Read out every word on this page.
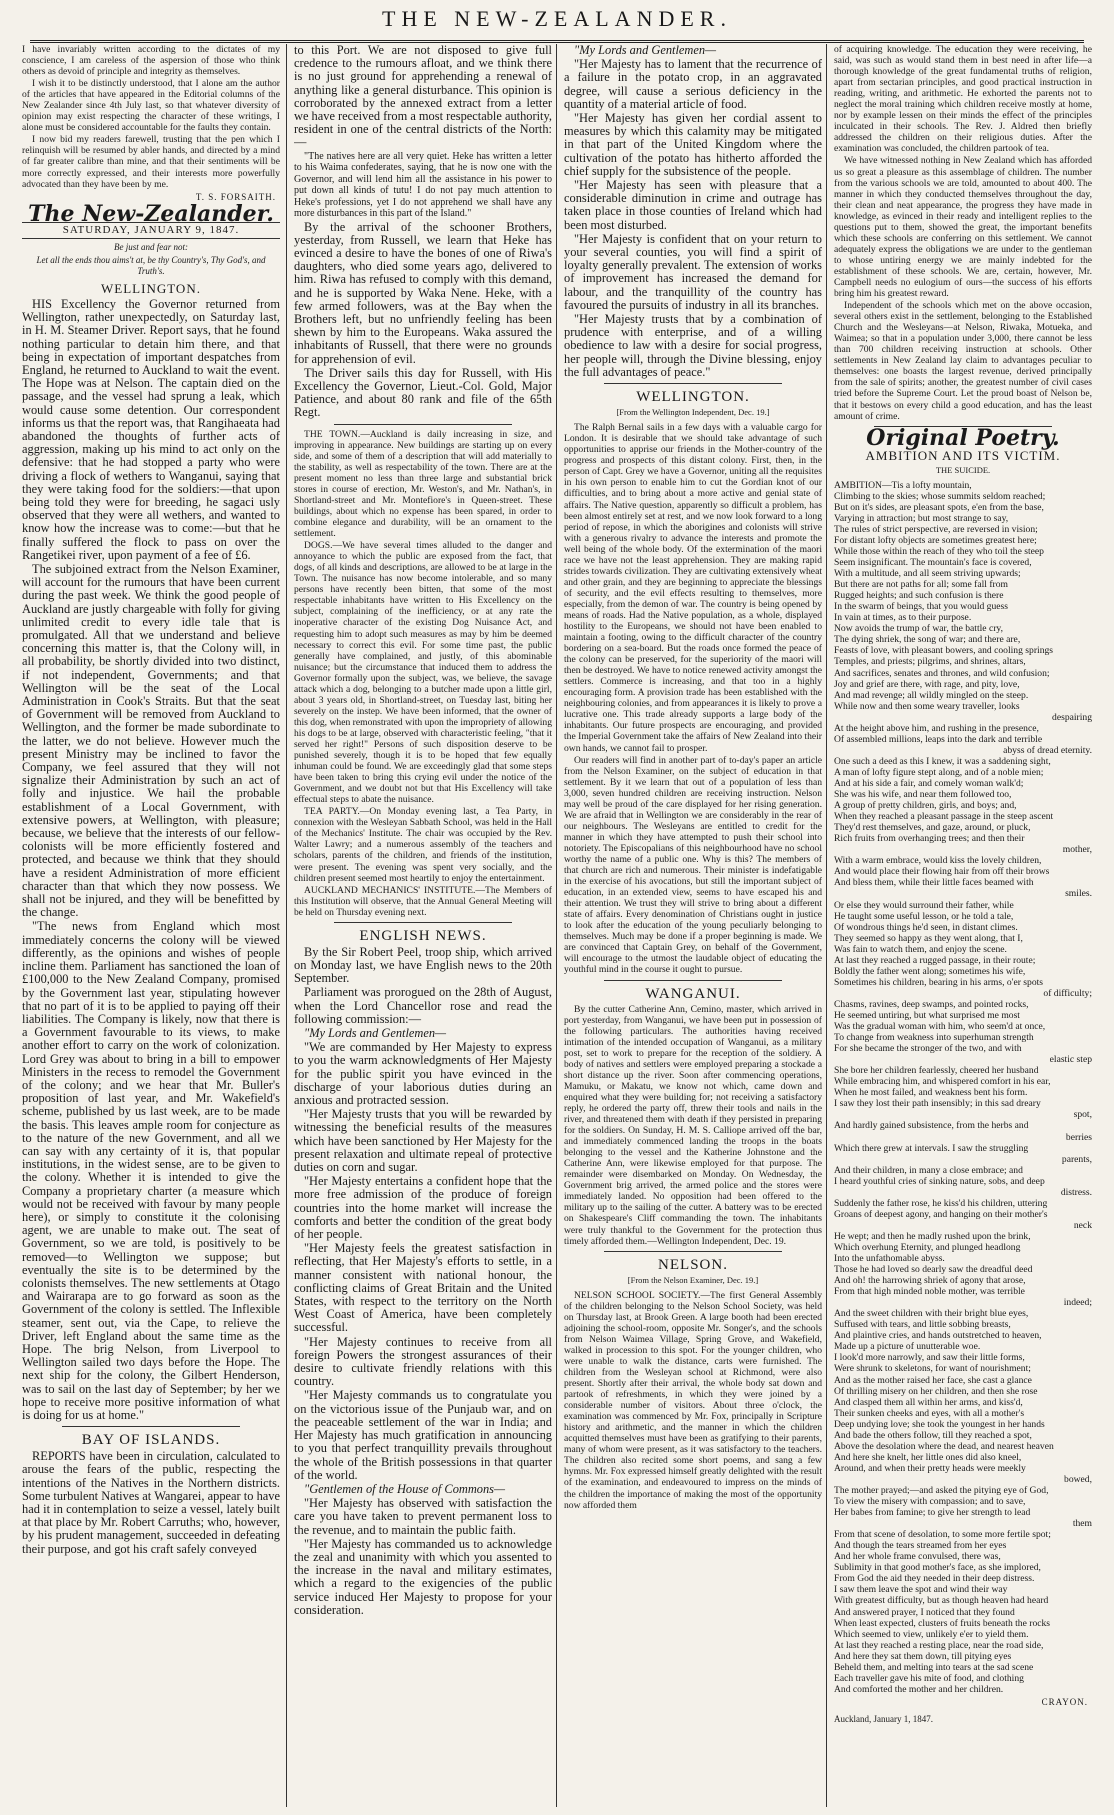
THE NEW-ZEALANDER.

I have invariably written according to the dictates of my conscience, I am careless of the aspersion of those who think others as devoid of principle and integrity as themselves.

I wish it to be distinctly understood, that I alone am the author of the articles that have appeared in the Editorial columns of the New Zealander since 4th July last, so that whatever diversity of opinion may exist respecting the character of these writings, I alone must be considered accountable for the faults they contain.

I now bid my readers farewell, trusting that the pen which I relinquish will be resumed by abler hands, and directed by a mind of far greater calibre than mine, and that their sentiments will be more correctly expressed, and their interests more powerfully advocated than they have been by me.

T. S. FORSAITH.
The New-Zealander.
SATURDAY, JANUARY 9, 1847.
Be just and fear not:
Let all the ends thou aims't at, be thy Country's, Thy God's, and Truth's.
WELLINGTON.

HIS Excellency the Governor returned from Wellington, rather unexpectedly, on Saturday last, in H. M. Steamer Driver. Report says, that he found nothing particular to detain him there, and that being in expectation of important despatches from England, he returned to Auckland to wait the event. The Hope was at Nelson. The captain died on the passage, and the vessel had sprung a leak, which would cause some detention. Our correspondent informs us that the report was, that Rangihaeata had abandoned the thoughts of further acts of aggression, making up his mind to act only on the defensive: that he had stopped a party who were driving a flock of wethers to Wanganui, saying that they were taking food for the soldiers:—that upon being told they were for breeding, he sagaci usly observed that they were all wethers, and wanted to know how the increase was to come:—but that he finally suffered the flock to pass on over the Rangetikei river, upon payment of a fee of £6.

The subjoined extract from the Nelson Examiner, will account for the rumours that have been current during the past week. We think the good people of Auckland are justly chargeable with folly for giving unlimited credit to every idle tale that is promulgated. All that we understand and believe concerning this matter is, that the Colony will, in all probability, be shortly divided into two distinct, if not independent, Governments; and that Wellington will be the seat of the Local Administration in Cook's Straits. But that the seat of Government will be removed from Auckland to Wellington, and the former be made subordinate to the latter, we do not believe. However much the present Ministry may be inclined to favor the Company, we feel assured that they will not signalize their Administration by such an act of folly and injustice. We hail the probable establishment of a Local Government, with extensive powers, at Wellington, with pleasure; because, we believe that the interests of our fellow-colonists will be more efficiently fostered and protected, and because we think that they should have a resident Administration of more efficient character than that which they now possess. We shall not be injured, and they will be benefitted by the change.

"The news from England which most immediately concerns the colony will be viewed differently, as the opinions and wishes of people incline them. Parliament has sanctioned the loan of £100,000 to the New Zealand Company, promised by the Government last year, stipulating however that no part of it is to be applied to paying off their liabilities. The Company is likely, now that there is a Government favourable to its views, to make another effort to carry on the work of colonization. Lord Grey was about to bring in a bill to empower Ministers in the recess to remodel the Government of the colony; and we hear that Mr. Buller's proposition of last year, and Mr. Wakefield's scheme, published by us last week, are to be made the basis. This leaves ample room for conjecture as to the nature of the new Government, and all we can say with any certainty of it is, that popular institutions, in the widest sense, are to be given to the colony. Whether it is intended to give the Company a proprietary charter (a measure which would not be received with favour by many people here), or simply to constitute it the colonising agent, we are unable to make out. The seat of Government, so we are told, is positively to be removed—to Wellington we suppose; but eventually the site is to be determined by the colonists themselves. The new settlements at Otago and Wairarapa are to go forward as soon as the Government of the colony is settled. The Inflexible steamer, sent out, via the Cape, to relieve the Driver, left England about the same time as the Hope. The brig Nelson, from Liverpool to Wellington sailed two days before the Hope. The next ship for the colony, the Gilbert Henderson, was to sail on the last day of September; by her we hope to receive more positive information of what is doing for us at home."

BAY OF ISLANDS.

REPORTS have been in circulation, calculated to arouse the fears of the public, respecting the intentions of the Natives in the Northern districts. Some turbulent Natives at Wangarei, appear to have had it in contemplation to seize a vessel, lately built at that place by Mr. Robert Carruths; who, however, by his prudent management, succeeded in defeating their purpose, and got his craft safely conveyed

to this Port. We are not disposed to give full credence to the rumours afloat, and we think there is no just ground for apprehending a renewal of anything like a general disturbance. This opinion is corroborated by the annexed extract from a letter we have received from a most respectable authority, resident in one of the central districts of the North:—

"The natives here are all very quiet. Heke has written a letter to his Waima confederates, saying, that he is now one with the Governor, and will lend him all the assistance in his power to put down all kinds of tutu! I do not pay much attention to Heke's professions, yet I do not apprehend we shall have any more disturbances in this part of the Island."

By the arrival of the schooner Brothers, yesterday, from Russell, we learn that Heke has evinced a desire to have the bones of one of Riwa's daughters, who died some years ago, delivered to him. Riwa has refused to comply with this demand, and he is supported by Waka Nene. Heke, with a few armed followers, was at the Bay when the Brothers left, but no unfriendly feeling has been shewn by him to the Europeans. Waka assured the inhabitants of Russell, that there were no grounds for apprehension of evil.

The Driver sails this day for Russell, with His Excellency the Governor, Lieut.-Col. Gold, Major Patience, and about 80 rank and file of the 65th Regt.

THE TOWN.—Auckland is daily increasing in size, and improving in appearance. New buildings are starting up on every side, and some of them of a description that will add materially to the stability, as well as respectability of the town. There are at the present moment no less than three large and substantial brick stores in course of erection, Mr. Weston's, and Mr. Nathan's, in Shortland-street and Mr. Montefiore's in Queen-street. These buildings, about which no expense has been spared, in order to combine elegance and durability, will be an ornament to the settlement.

DOGS.—We have several times alluded to the danger and annoyance to which the public are exposed from the fact, that dogs, of all kinds and descriptions, are allowed to be at large in the Town. The nuisance has now become intolerable, and so many persons have recently been bitten, that some of the most respectable inhabitants have written to His Excellency on the subject, complaining of the inefficiency, or at any rate the inoperative character of the existing Dog Nuisance Act, and requesting him to adopt such measures as may by him be deemed necessary to correct this evil. For some time past, the public generally have complained, and justly, of this abominable nuisance; but the circumstance that induced them to address the Governor formally upon the subject, was, we believe, the savage attack which a dog, belonging to a butcher made upon a little girl, about 3 years old, in Shortland-street, on Tuesday last, biting her severely on the instep. We have been informed, that the owner of this dog, when remonstrated with upon the impropriety of allowing his dogs to be at large, observed with characteristic feeling, "that it served her right!" Persons of such disposition deserve to be punished severely, though it is to be hoped that few equally inhuman could be found. We are exceedingly glad that some steps have been taken to bring this crying evil under the notice of the Government, and we doubt not but that His Excellency will take effectual steps to abate the nuisance.

TEA PARTY.—On Monday evening last, a Tea Party, in connexion with the Wesleyan Sabbath School, was held in the Hall of the Mechanics' Institute. The chair was occupied by the Rev. Walter Lawry; and a numerous assembly of the teachers and scholars, parents of the children, and friends of the institution, were present. The evening was spent very socially, and the children present seemed most heartily to enjoy the entertainment.

AUCKLAND MECHANICS' INSTITUTE.—The Members of this Institution will observe, that the Annual General Meeting will be held on Thursday evening next.

ENGLISH NEWS.

By the Sir Robert Peel, troop ship, which arrived on Monday last, we have English news to the 20th September.

Parliament was prorogued on the 28th of August, when the Lord Chancellor rose and read the following commission:—

"My Lords and Gentlemen—

"We are commanded by Her Majesty to express to you the warm acknowledgments of Her Majesty for the public spirit you have evinced in the discharge of your laborious duties during an anxious and protracted session.

"Her Majesty trusts that you will be rewarded by witnessing the beneficial results of the measures which have been sanctioned by Her Majesty for the present relaxation and ultimate repeal of protective duties on corn and sugar.

"Her Majesty entertains a confident hope that the more free admission of the produce of foreign countries into the home market will increase the comforts and better the condition of the great body of her people.

"Her Majesty feels the greatest satisfaction in reflecting, that Her Majesty's efforts to settle, in a manner consistent with national honour, the conflicting claims of Great Britain and the United States, with respect to the territory on the North West Coast of America, have been completely successful.

"Her Majesty continues to receive from all foreign Powers the strongest assurances of their desire to cultivate friendly relations with this country.

"Her Majesty commands us to congratulate you on the victorious issue of the Punjaub war, and on the peaceable settlement of the war in India; and Her Majesty has much gratification in announcing to you that perfect tranquillity prevails throughout the whole of the British possessions in that quarter of the world.

"Gentlemen of the House of Commons—

"Her Majesty has observed with satisfaction the care you have taken to prevent permanent loss to the revenue, and to maintain the public faith.

"Her Majesty has commanded us to acknowledge the zeal and unanimity with which you assented to the increase in the naval and military estimates, which a regard to the exigencies of the public service induced Her Majesty to propose for your consideration.

"My Lords and Gentlemen—

"Her Majesty has to lament that the recurrence of a failure in the potato crop, in an aggravated degree, will cause a serious deficiency in the quantity of a material article of food.

"Her Majesty has given her cordial assent to measures by which this calamity may be mitigated in that part of the United Kingdom where the cultivation of the potato has hitherto afforded the chief supply for the subsistence of the people.

"Her Majesty has seen with pleasure that a considerable diminution in crime and outrage has taken place in those counties of Ireland which had been most disturbed.

"Her Majesty is confident that on your return to your several counties, you will find a spirit of loyalty generally prevalent. The extension of works of improvement has increased the demand for labour, and the tranquillity of the country has favoured the pursuits of industry in all its branches.

"Her Majesty trusts that by a combination of prudence with enterprise, and of a willing obedience to law with a desire for social progress, her people will, through the Divine blessing, enjoy the full advantages of peace."

WELLINGTON.
[From the Wellington Independent, Dec. 19.]

The Ralph Bernal sails in a few days with a valuable cargo for London. It is desirable that we should take advantage of such opportunities to apprise our friends in the Mother-country of the progress and prospects of this distant colony. First, then, in the person of Capt. Grey we have a Governor, uniting all the requisites in his own person to enable him to cut the Gordian knot of our difficulties, and to bring about a more active and genial state of affairs. The Native question, apparently so difficult a problem, has been almost entirely set at rest, and we now look forward to a long period of repose, in which the aborigines and colonists will strive with a generous rivalry to advance the interests and promote the well being of the whole body. Of the extermination of the maori race we have not the least apprehension. They are making rapid strides towards civilization. They are cultivating extensively wheat and other grain, and they are beginning to appreciate the blessings of security, and the evil effects resulting to themselves, more especially, from the demon of war. The country is being opened by means of roads. Had the Native population, as a whole, displayed hostility to the Europeans, we should not have been enabled to maintain a footing, owing to the difficult character of the country bordering on a sea-board. But the roads once formed the peace of the colony can be preserved, for the superiority of the maori will then be destroyed. We have to notice renewed activity amongst the settlers. Commerce is increasing, and that too in a highly encouraging form. A provision trade has been established with the neighbouring colonies, and from appearances it is likely to prove a lucrative one. This trade already supports a large body of the inhabitants. Our future prospects are encouraging, and provided the Imperial Government take the affairs of New Zealand into their own hands, we cannot fail to prosper.

Our readers will find in another part of to-day's paper an article from the Nelson Examiner, on the subject of education in that settlement. By it we learn that out of a population of less than 3,000, seven hundred children are receiving instruction. Nelson may well be proud of the care displayed for her rising generation. We are afraid that in Wellington we are considerably in the rear of our neighbours. The Wesleyans are entitled to credit for the manner in which they have attempted to push their school into notoriety. The Episcopalians of this neighbourhood have no school worthy the name of a public one. Why is this? The members of that church are rich and numerous. Their minister is indefatigable in the exercise of his avocations, but still the important subject of education, in an extended view, seems to have escaped his and their attention. We trust they will strive to bring about a different state of affairs. Every denomination of Christians ought in justice to look after the education of the young peculiarly belonging to themselves. Much may be done if a proper beginning is made. We are convinced that Captain Grey, on behalf of the Government, will encourage to the utmost the laudable object of educating the youthful mind in the course it ought to pursue.

WANGANUI.

By the cutter Catherine Ann, Cemino, master, which arrived in port yesterday, from Wanganui, we have been put in possession of the following particulars. The authorities having received intimation of the intended occupation of Wanganui, as a military post, set to work to prepare for the reception of the soldiery. A body of natives and settlers were employed preparing a stockade a short distance up the river. Soon after commencing operations, Mamuku, or Makatu, we know not which, came down and enquired what they were building for; not receiving a satisfactory reply, he ordered the party off, threw their tools and nails in the river, and threatened them with death if they persisted in preparing for the soldiers. On Sunday, H. M. S. Calliope arrived off the bar, and immediately commenced landing the troops in the boats belonging to the vessel and the Katherine Johnstone and the Catherine Ann, were likewise employed for that purpose. The remainder were disembarked on Monday. On Wednesday, the Government brig arrived, the armed police and the stores were immediately landed. No opposition had been offered to the military up to the sailing of the cutter. A battery was to be erected on Shakespeare's Cliff commanding the town. The inhabitants were truly thankful to the Government for the protection thus timely afforded them.—Wellington Independent, Dec. 19.

NELSON.
[From the Nelson Examiner, Dec. 19.]

NELSON SCHOOL SOCIETY.—The first General Assembly of the children belonging to the Nelson School Society, was held on Thursday last, at Brook Green. A large booth had been erected adjoining the school-room, opposite Mr. Songer's, and the schools from Nelson Waimea Village, Spring Grove, and Wakefield, walked in procession to this spot. For the younger children, who were unable to walk the distance, carts were furnished. The children from the Wesleyan school at Richmond, were also present. Shortly after their arrival, the whole body sat down and partook of refreshments, in which they were joined by a considerable number of visitors. About three o'clock, the examination was commenced by Mr. Fox, principally in Scripture history and arithmetic, and the manner in which the children acquitted themselves must have been as gratifying to their parents, many of whom were present, as it was satisfactory to the teachers. The children also recited some short poems, and sang a few hymns. Mr. Fox expressed himself greatly delighted with the result of the examination, and endeavoured to impress on the minds of the children the importance of making the most of the opportunity now afforded them

of acquiring knowledge. The education they were receiving, he said, was such as would stand them in best need in after life—a thorough knowledge of the great fundamental truths of religion, apart from sectarian principles, and good practical instruction in reading, writing, and arithmetic. He exhorted the parents not to neglect the moral training which children receive mostly at home, nor by example lessen on their minds the effect of the principles inculcated in their schools. The Rev. J. Aldred then briefly addressed the children on their religious duties. After the examination was concluded, the children partook of tea.

We have witnessed nothing in New Zealand which has afforded us so great a pleasure as this assemblage of children. The number from the various schools we are told, amounted to about 400. The manner in which they conducted themselves throughout the day, their clean and neat appearance, the progress they have made in knowledge, as evinced in their ready and intelligent replies to the questions put to them, showed the great, the important benefits which these schools are conferring on this settlement. We cannot adequately express the obligations we are under to the gentleman to whose untiring energy we are mainly indebted for the establishment of these schools. We are, certain, however, Mr. Campbell needs no eulogium of ours—the success of his efforts bring him his greatest reward.

Independent of the schools which met on the above occasion, several others exist in the settlement, belonging to the Established Church and the Wesleyans—at Nelson, Riwaka, Motueka, and Waimea; so that in a population under 3,000, there cannot be less than 700 children receiving instruction at schools. Other settlements in New Zealand lay claim to advantages peculiar to themselves: one boasts the largest revenue, derived principally from the sale of spirits; another, the greatest number of civil cases tried before the Supreme Court. Let the proud boast of Nelson be, that it bestows on every child a good education, and has the least amount of crime.

Original Poetry.
AMBITION AND ITS VICTIM.
THE SUICIDE.

AMBITION—Tis a lofty mountain,

Climbing to the skies; whose summits seldom reached;

But on it's sides, are pleasant spots, e'en from the base,

Varying in attraction; but most strange to say,

The rules of strict perspective, are reversed in vision;

For distant lofty objects are sometimes greatest here;

While those within the reach of they who toil the steep

Seem insignificant. The mountain's face is covered,

With a multitude, and all seem striving upwards;

But there are not paths for all; some fall from

Rugged heights; and such confusion is there

In the swarm of beings, that you would guess

In vain at times, as to their purpose.

Now avoids the trump of war, the battle cry,

The dying shriek, the song of war; and there are,

Feasts of love, with pleasant bowers, and cooling springs

Temples, and priests; pilgrims, and shrines, altars,

And sacrifices, senates and thrones, and wild confusion;

Joy and grief are there, with rage, and pity, love,

And mad revenge; all wildly mingled on the steep.

While now and then some weary traveller, looks

despairing

At the height above him, and rushing in the presence,

Of assembled millions, leaps into the dark and terrible

abyss of dread eternity.

One such a deed as this I knew, it was a saddening sight,

A man of lofty figure stept along, and of a noble mien;

And at his side a fair, and comely woman walk'd;

She was his wife, and near them followed too,

A group of pretty children, girls, and boys; and,

When they reached a pleasant passage in the steep ascent

They'd rest themselves, and gaze, around, or pluck,

Rich fruits from overhanging trees; and then their

mother,

With a warm embrace, would kiss the lovely children,

And would place their flowing hair from off their brows

And bless them, while their little faces beamed with

smiles.

Or else they would surround their father, while

He taught some useful lesson, or he told a tale,

Of wondrous things he'd seen, in distant climes.

They seemed so happy as they went along, that I,

Was fain to watch them, and enjoy the scene.

At last they reached a rugged passage, in their route;

Boldly the father went along; sometimes his wife,

Sometimes his children, bearing in his arms, o'er spots

of difficulty;

Chasms, ravines, deep swamps, and pointed rocks,

He seemed untiring, but what surprised me most

Was the gradual woman with him, who seem'd at once,

To change from weakness into superhuman strength

For she became the stronger of the two, and with

elastic step

She bore her children fearlessly, cheered her husband

While embracing him, and whispered comfort in his ear,

When he most failed, and weakness bent his form.

I saw they lost their path insensibly; in this sad dreary

spot,

And hardly gained subsistence, from the herbs and

berries

Which there grew at intervals. I saw the struggling

parents,

And their children, in many a close embrace; and

I heard youthful cries of sinking nature, sobs, and deep

distress.

Suddenly the father rose, he kiss'd his children, uttering

Groans of deepest agony, and hanging on their mother's

neck

He wept; and then he madly rushed upon the brink,

Which overhung Eternity, and plunged headlong

Into the unfathomable abyss.

Those he had loved so dearly saw the dreadful deed

And oh! the harrowing shriek of agony that arose,

From that high minded noble mother, was terrible

indeed;

And the sweet children with their bright blue eyes,

Suffused with tears, and little sobbing breasts,

And plaintive cries, and hands outstretched to heaven,

Made up a picture of unutterable woe.

I look'd more narrowly, and saw their little forms,

Were shrunk to skeletons, for want of nourishment;

And as the mother raised her face, she cast a glance

Of thrilling misery on her children, and then she rose

And clasped them all within her arms, and kiss'd,

Their sunken cheeks and eyes, with all a mother's

Deep undying love; she took the youngest in her hands

And bade the others follow, till they reached a spot,

Above the desolation where the dead, and nearest heaven

And here she knelt, her little ones did also kneel,

Around, and when their pretty heads were meekly

bowed,

The mother prayed;—and asked the pitying eye of God,

To view the misery with compassion; and to save,

Her babes from famine; to give her strength to lead

them

From that scene of desolation, to some more fertile spot;

And though the tears streamed from her eyes

And her whole frame convulsed, there was,

Sublimity in that good mother's face, as she implored,

From God the aid they needed in their deep distress.

I saw them leave the spot and wind their way

With greatest difficulty, but as though heaven had heard

And answered prayer, I noticed that they found

When least expected, clusters of fruits beneath the rocks

Which seemed to view, unlikely e'er to yield them.

At last they reached a resting place, near the road side,

And here they sat them down, till pitying eyes

Beheld them, and melting into tears at the sad scene

Each traveller gave his mite of food, and clothing

And comforted the mother and her children.

CRAYON.
Auckland, January 1, 1847.
